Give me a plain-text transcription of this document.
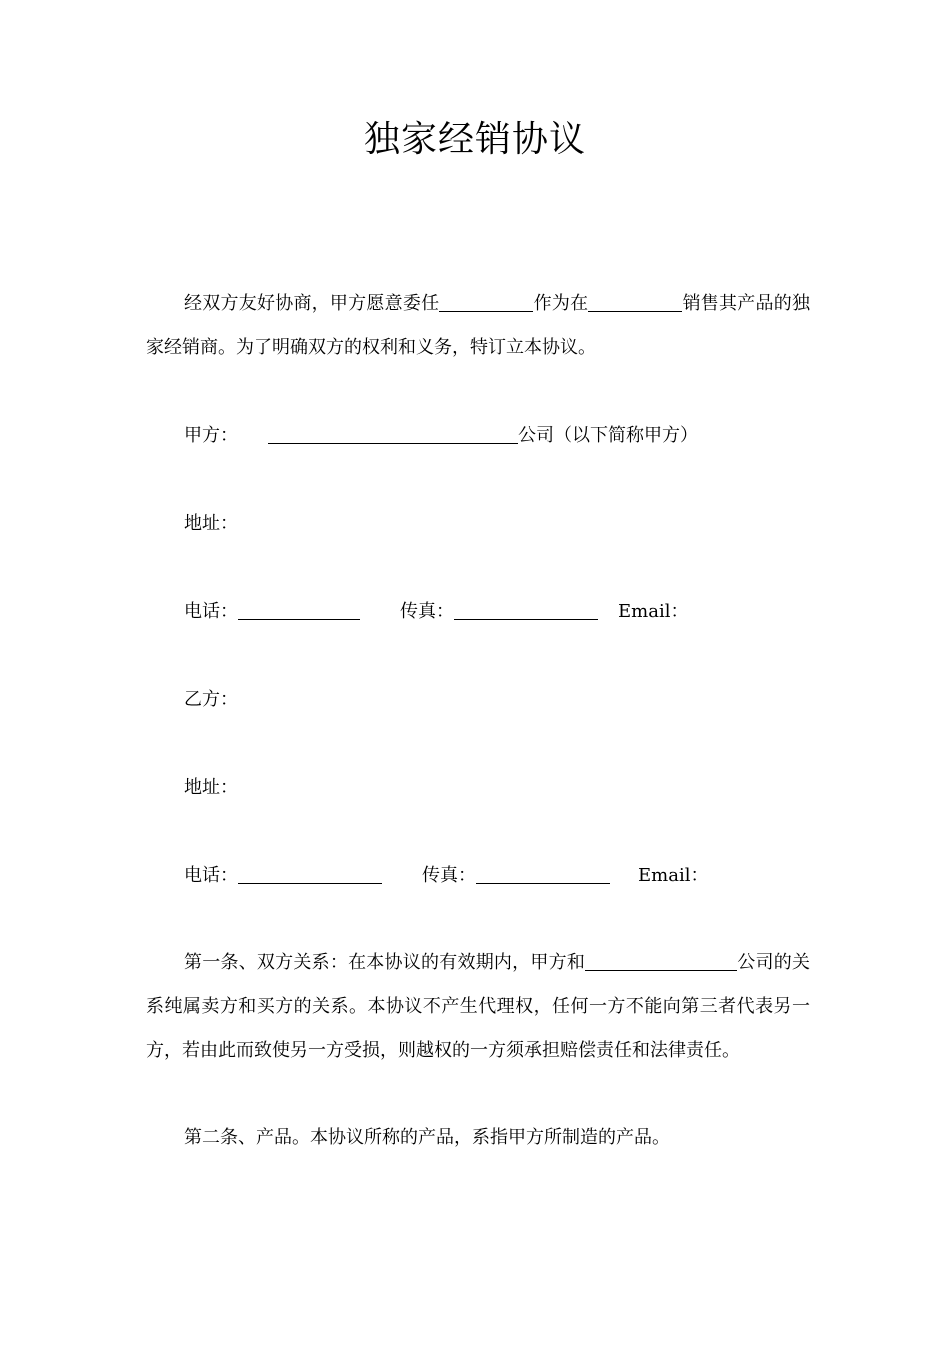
独家经销协议
经双方友好协商，甲方愿意委任	作为在	销售其产品的独家经销商。为了明确双方的权利和义务，特订立本协议。
甲方：	公司（以下简称甲方）
地址：
电话：	传真：	Email：
乙方：
地址：
电话：	传真：	Email：
第一条、双方关系：在本协议的有效期内，甲方和	公司的关系纯属卖方和买方的关系。本协议不产生代理权，任何一方不能向第三者代表另一方，若由此而致使另一方受损，则越权的一方须承担赔偿责任和法律责任。
第二条、产品。本协议所称的产品，系指甲方所制造的产品。
